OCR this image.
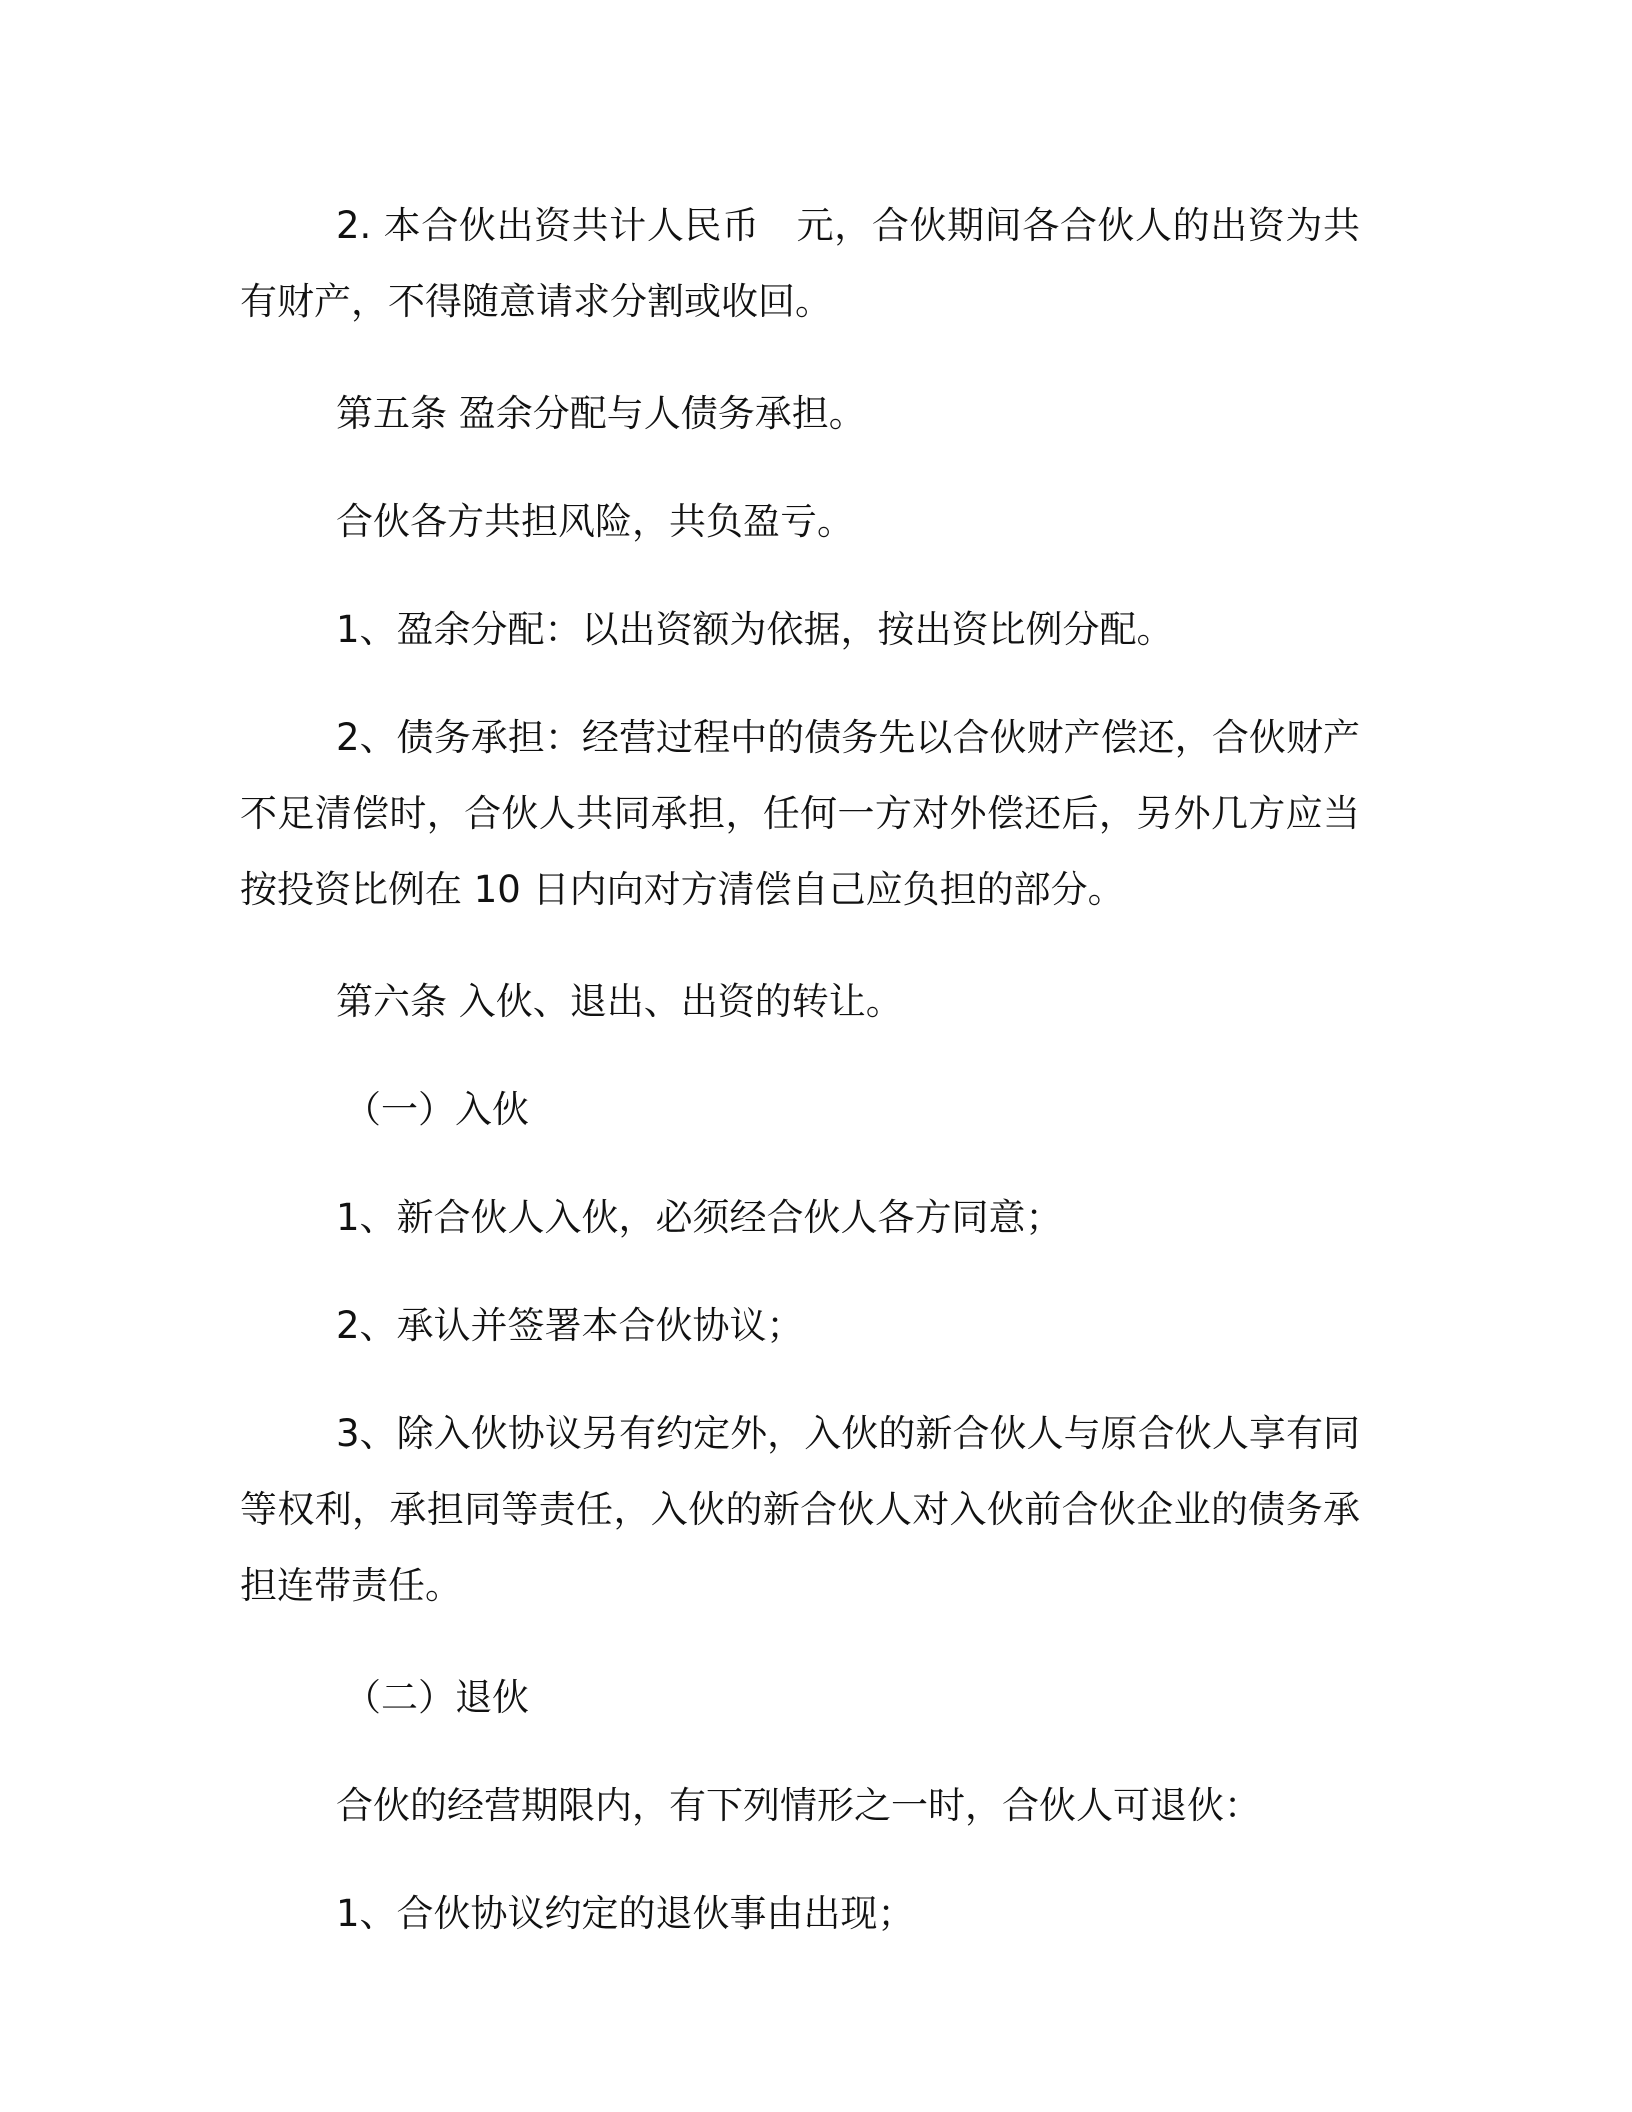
2. 本合伙出资共计人民币   元，合伙期间各合伙人的出资为共有财产，不得随意请求分割或收回。

第五条 盈余分配与人债务承担。

合伙各方共担风险，共负盈亏。

1、盈余分配：以出资额为依据，按出资比例分配。

2、债务承担：经营过程中的债务先以合伙财产偿还，合伙财产不足清偿时，合伙人共同承担，任何一方对外偿还后，另外几方应当按投资比例在 10 日内向对方清偿自己应负担的部分。

第六条 入伙、退出、出资的转让。

（一）入伙

1、新合伙人入伙，必须经合伙人各方同意；

2、承认并签署本合伙协议；

3、除入伙协议另有约定外，入伙的新合伙人与原合伙人享有同等权利，承担同等责任，入伙的新合伙人对入伙前合伙企业的债务承担连带责任。

（二）退伙

合伙的经营期限内，有下列情形之一时，合伙人可退伙：

1、合伙协议约定的退伙事由出现；
